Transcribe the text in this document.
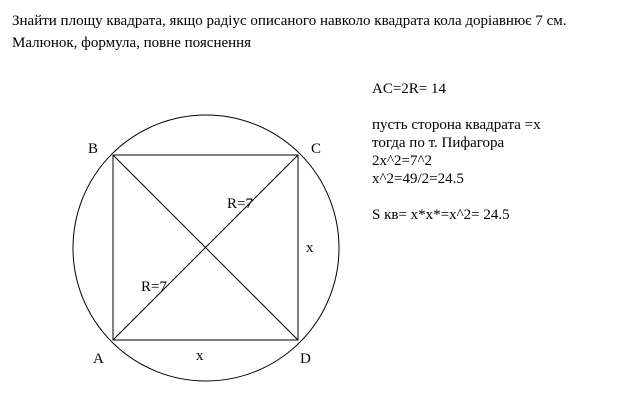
Знайти площу квадрата, якщо радіус описаного навколо квадрата кола доріавнює 7 см.
Малюнок, формула, повне пояснення
AC=2R= 14
пусть сторона квадрата =x
тогда по т. Пифагора
2x^2=7^2
x^2=49/2=24.5
S кв= x*x*=x^2= 24.5
B	C
A	D
R=7
R=7
x
x
